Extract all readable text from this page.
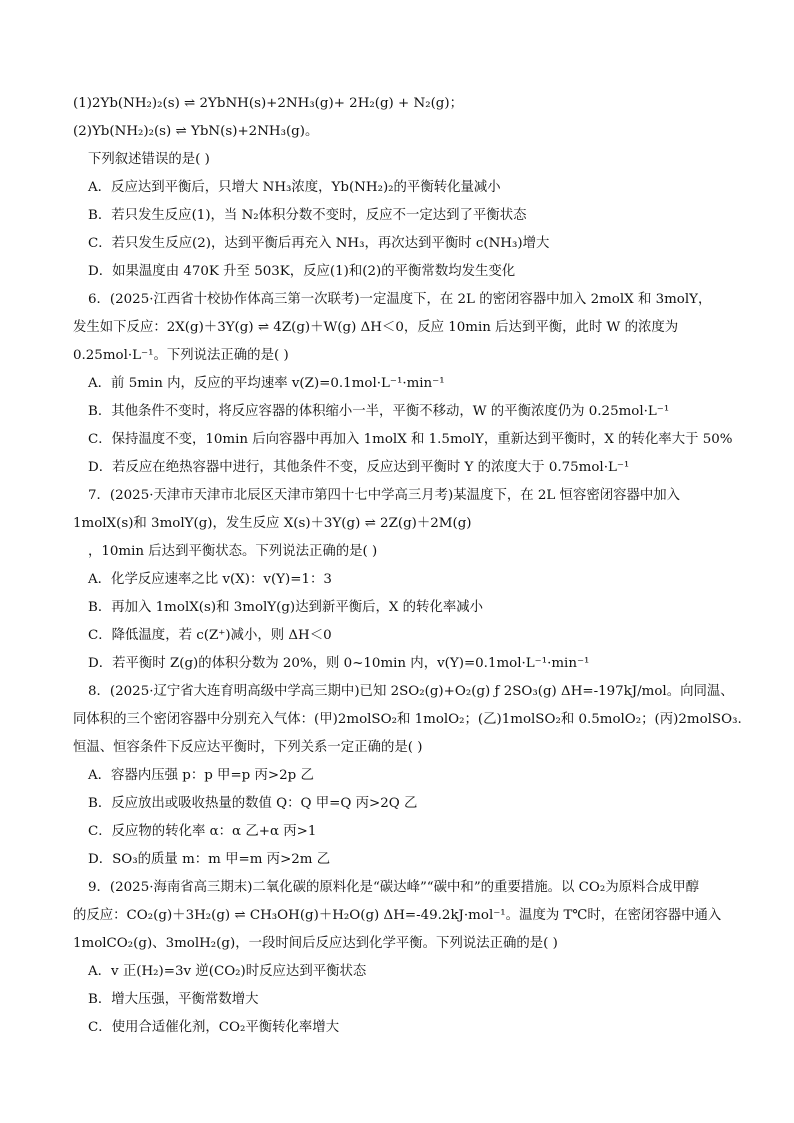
(1)2Yb(NH₂)₂(s) ⇌ 2YbNH(s)+2NH₃(g)+ 2H₂(g) + N₂(g)；
(2)Yb(NH₂)₂(s) ⇌ YbN(s)+2NH₃(g)。
下列叙述错误的是( )
A．反应达到平衡后，只增大 NH₃浓度，Yb(NH₂)₂的平衡转化量减小
B．若只发生反应(1)，当 N₂体积分数不变时，反应不一定达到了平衡状态
C．若只发生反应(2)，达到平衡后再充入 NH₃，再次达到平衡时 c(NH₃)增大
D．如果温度由 470K 升至 503K，反应(1)和(2)的平衡常数均发生变化
6．(2025·江西省十校协作体高三第一次联考)一定温度下，在 2L 的密闭容器中加入 2molX 和 3molY，
发生如下反应：2X(g)＋3Y(g) ⇌ 4Z(g)＋W(g) ΔH＜0，反应 10min 后达到平衡，此时 W 的浓度为
0.25mol·L⁻¹。下列说法正确的是( )
A．前 5min 内，反应的平均速率 v(Z)=0.1mol·L⁻¹·min⁻¹
B．其他条件不变时，将反应容器的体积缩小一半，平衡不移动，W 的平衡浓度仍为 0.25mol·L⁻¹
C．保持温度不变，10min 后向容器中再加入 1molX 和 1.5molY，重新达到平衡时，X 的转化率大于 50%
D．若反应在绝热容器中进行，其他条件不变，反应达到平衡时 Y 的浓度大于 0.75mol·L⁻¹
7．(2025·天津市天津市北辰区天津市第四十七中学高三月考)某温度下，在 2L 恒容密闭容器中加入
1molX(s)和 3molY(g)，发生反应 X(s)＋3Y(g) ⇌ 2Z(g)＋2M(g)
，10min 后达到平衡状态。下列说法正确的是( )
A．化学反应速率之比 v(X)：v(Y)=1：3
B．再加入 1molX(s)和 3molY(g)达到新平衡后，X 的转化率减小
C．降低温度，若 c(Z⁺)减小，则 ΔH＜0
D．若平衡时 Z(g)的体积分数为 20%，则 0~10min 内，v(Y)=0.1mol·L⁻¹·min⁻¹
8．(2025·辽宁省大连育明高级中学高三期中)已知 2SO₂(g)+O₂(g) ƒ 2SO₃(g) ΔH=-197kJ/mol。向同温、
同体积的三个密闭容器中分别充入气体：(甲)2molSO₂和 1molO₂；(乙)1molSO₂和 0.5molO₂；(丙)2molSO₃.
恒温、恒容条件下反应达平衡时，下列关系一定正确的是( )
A．容器内压强 p：p 甲=p 丙>2p 乙
B．反应放出或吸收热量的数值 Q：Q 甲=Q 丙>2Q 乙
C．反应物的转化率 α：α 乙+α 丙>1
D．SO₃的质量 m：m 甲=m 丙>2m 乙
9．(2025·海南省高三期末)二氧化碳的原料化是“碳达峰”“碳中和”的重要措施。以 CO₂为原料合成甲醇
的反应：CO₂(g)＋3H₂(g) ⇌ CH₃OH(g)＋H₂O(g) ΔH=-49.2kJ·mol⁻¹。温度为 T℃时，在密闭容器中通入
1molCO₂(g)、3molH₂(g)，一段时间后反应达到化学平衡。下列说法正确的是( )
A．v 正(H₂)=3v 逆(CO₂)时反应达到平衡状态
B．增大压强，平衡常数增大
C．使用合适催化剂，CO₂平衡转化率增大
